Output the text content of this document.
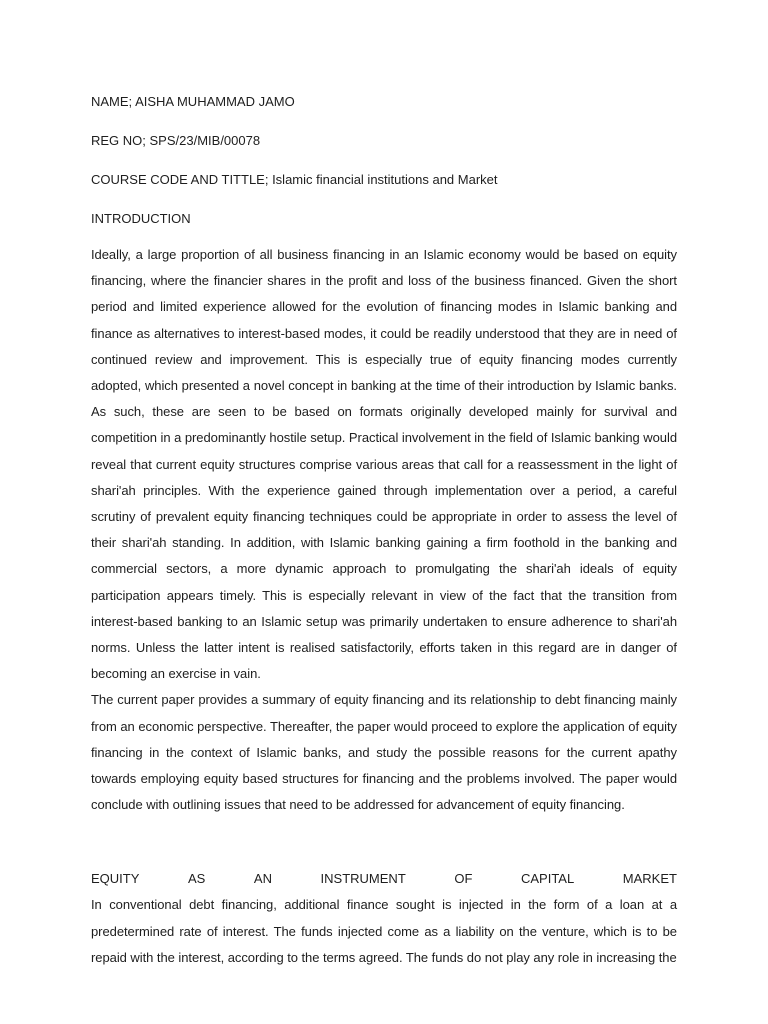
NAME; AISHA MUHAMMAD JAMO

REG NO; SPS/23/MIB/00078

COURSE CODE AND TITTLE; Islamic financial institutions and Market

INTRODUCTION

Ideally, a large proportion of all business financing in an Islamic economy would be based on equity financing, where the financier shares in the profit and loss of the business financed. Given the short period and limited experience allowed for the evolution of financing modes in Islamic banking and finance as alternatives to interest-based modes, it could be readily understood that they are in need of continued review and improvement. This is especially true of equity financing modes currently adopted, which presented a novel concept in banking at the time of their introduction by Islamic banks. As such, these are seen to be based on formats originally developed mainly for survival and competition in a predominantly hostile setup. Practical involvement in the field of Islamic banking would reveal that current equity structures comprise various areas that call for a reassessment in the light of shari'ah principles. With the experience gained through implementation over a period, a careful scrutiny of prevalent equity financing techniques could be appropriate in order to assess the level of their shari'ah standing. In addition, with Islamic banking gaining a firm foothold in the banking and commercial sectors, a more dynamic approach to promulgating the shari'ah ideals of equity participation appears timely. This is especially relevant in view of the fact that the transition from interest-based banking to an Islamic setup was primarily undertaken to ensure adherence to shari'ah norms. Unless the latter intent is realised satisfactorily, efforts taken in this regard are in danger of becoming an exercise in vain.
The current paper provides a summary of equity financing and its relationship to debt financing mainly from an economic perspective. Thereafter, the paper would proceed to explore the application of equity financing in the context of Islamic banks, and study the possible reasons for the current apathy towards employing equity based structures for financing and the problems involved. The paper would conclude with outlining issues that need to be addressed for advancement of equity financing.
EQUITY	AS	AN	INSTRUMENT	OF	CAPITAL	MARKET

In conventional debt financing, additional finance sought is injected in the form of a loan at a predetermined rate of interest. The funds injected come as a liability on the venture, which is to be repaid with the interest, according to the terms agreed. The funds do not play any role in increasing the
